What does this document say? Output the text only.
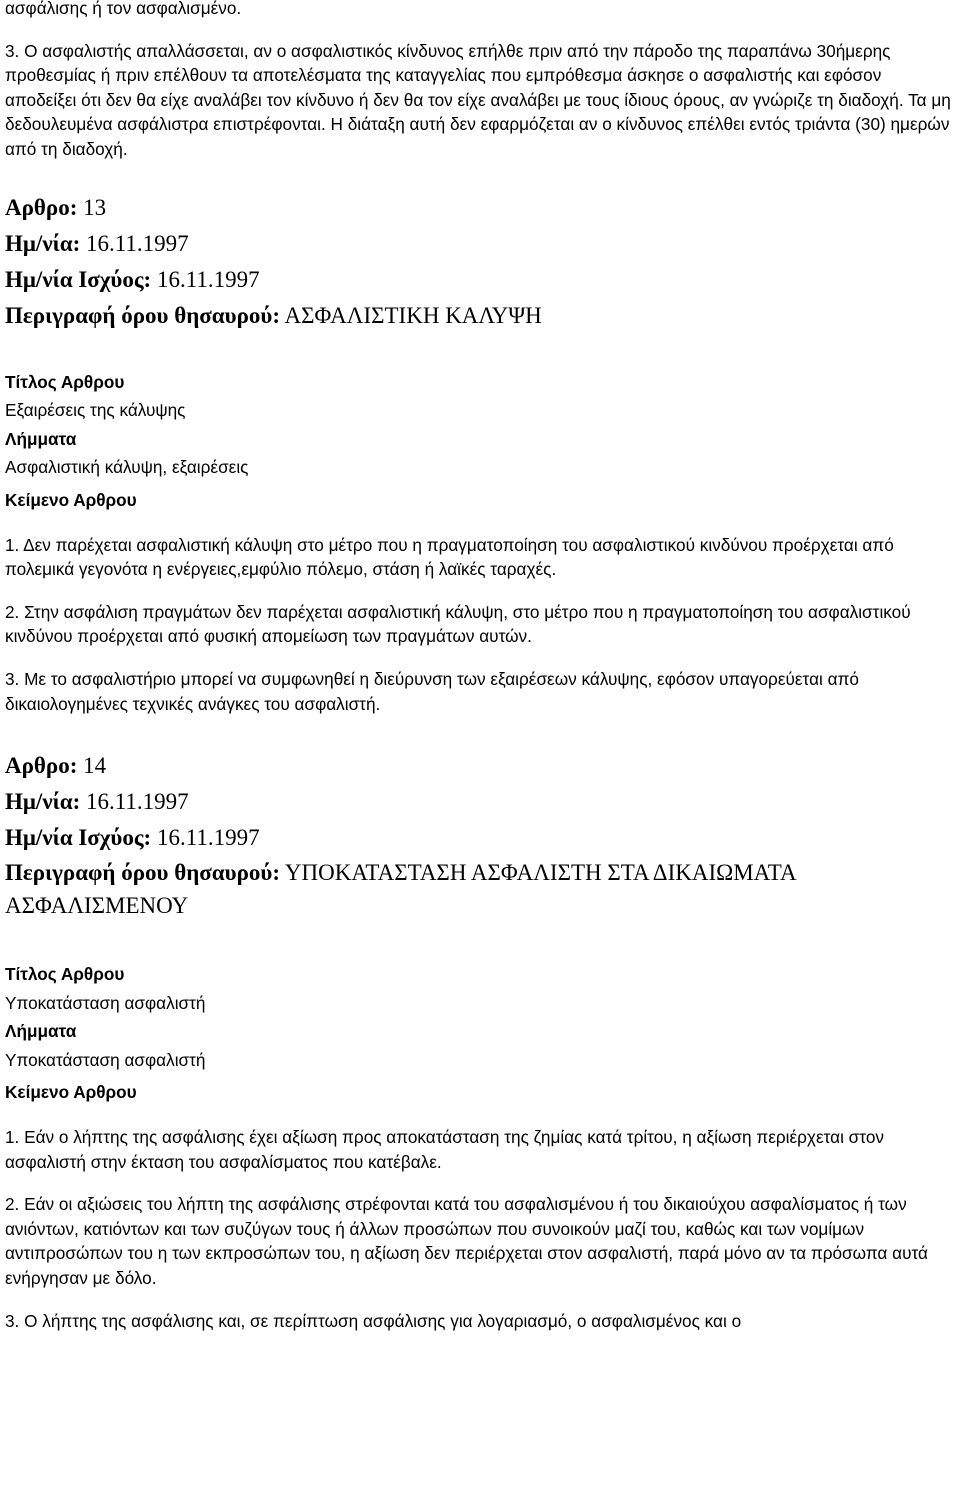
ασφάλισης ή τον ασφαλισμένο.

3. Ο ασφαλιστής απαλλάσσεται, αν ο ασφαλιστικός κίνδυνος επήλθε πριν από την πάροδο της παραπάνω 30ήμερης προθεσμίας ή πριν επέλθουν τα αποτελέσματα της καταγγελίας που εμπρόθεσμα άσκησε ο ασφαλιστής και εφόσον αποδείξει ότι δεν θα είχε αναλάβει τον κίνδυνο ή δεν θα τον είχε αναλάβει με τους ίδιους όρους, αν γνώριζε τη διαδοχή. Τα μη δεδουλευμένα ασφάλιστρα επιστρέφονται. Η διάταξη αυτή δεν εφαρμόζεται αν ο κίνδυνος επέλθει εντός τριάντα (30) ημερών από τη διαδοχή.

Αρθρο: 13

Ημ/νία: 16.11.1997

Ημ/νία Ισχύος: 16.11.1997

Περιγραφή όρου θησαυρού: ΑΣΦΑΛΙΣΤΙΚΗ ΚΑΛΥΨΗ

Τίτλος Αρθρου

Εξαιρέσεις της κάλυψης

Λήμματα

Ασφαλιστική κάλυψη, εξαιρέσεις

Κείμενο Αρθρου

1. Δεν παρέχεται ασφαλιστική κάλυψη στο μέτρο που η πραγματοποίηση του ασφαλιστικού κινδύνου προέρχεται από πολεμικά γεγονότα η ενέργειες,εμφύλιο πόλεμο, στάση ή λαϊκές ταραχές.

2. Στην ασφάλιση πραγμάτων δεν παρέχεται ασφαλιστική κάλυψη, στο μέτρο που η πραγματοποίηση του ασφαλιστικού κινδύνου προέρχεται από φυσική απομείωση των πραγμάτων αυτών.

3. Με το ασφαλιστήριο μπορεί να συμφωνηθεί η διεύρυνση των εξαιρέσεων κάλυψης, εφόσον υπαγορεύεται από δικαιολογημένες τεχνικές ανάγκες του ασφαλιστή.

Αρθρο: 14

Ημ/νία: 16.11.1997

Ημ/νία Ισχύος: 16.11.1997

Περιγραφή όρου θησαυρού: ΥΠΟΚΑΤΑΣΤΑΣΗ ΑΣΦΑΛΙΣΤΗ ΣΤΑ ΔΙΚΑΙΩΜΑΤΑ ΑΣΦΑΛΙΣΜΕΝΟΥ

Τίτλος Αρθρου

Υποκατάσταση ασφαλιστή

Λήμματα

Υποκατάσταση ασφαλιστή

Κείμενο Αρθρου

1. Εάν ο λήπτης της ασφάλισης έχει αξίωση προς αποκατάσταση της ζημίας κατά τρίτου, η αξίωση περιέρχεται στον ασφαλιστή στην έκταση του ασφαλίσματος που κατέβαλε.

2. Εάν οι αξιώσεις του λήπτη της ασφάλισης στρέφονται κατά του ασφαλισμένου ή του δικαιούχου ασφαλίσματος ή των ανιόντων, κατιόντων και των συζύγων τους ή άλλων προσώπων που συνοικούν μαζί του, καθώς και των νομίμων αντιπροσώπων του η των εκπροσώπων του, η αξίωση δεν περιέρχεται στον ασφαλιστή, παρά μόνο αν τα πρόσωπα αυτά ενήργησαν με δόλο.

3. Ο λήπτης της ασφάλισης και, σε περίπτωση ασφάλισης για λογαριασμό, ο ασφαλισμένος και ο
